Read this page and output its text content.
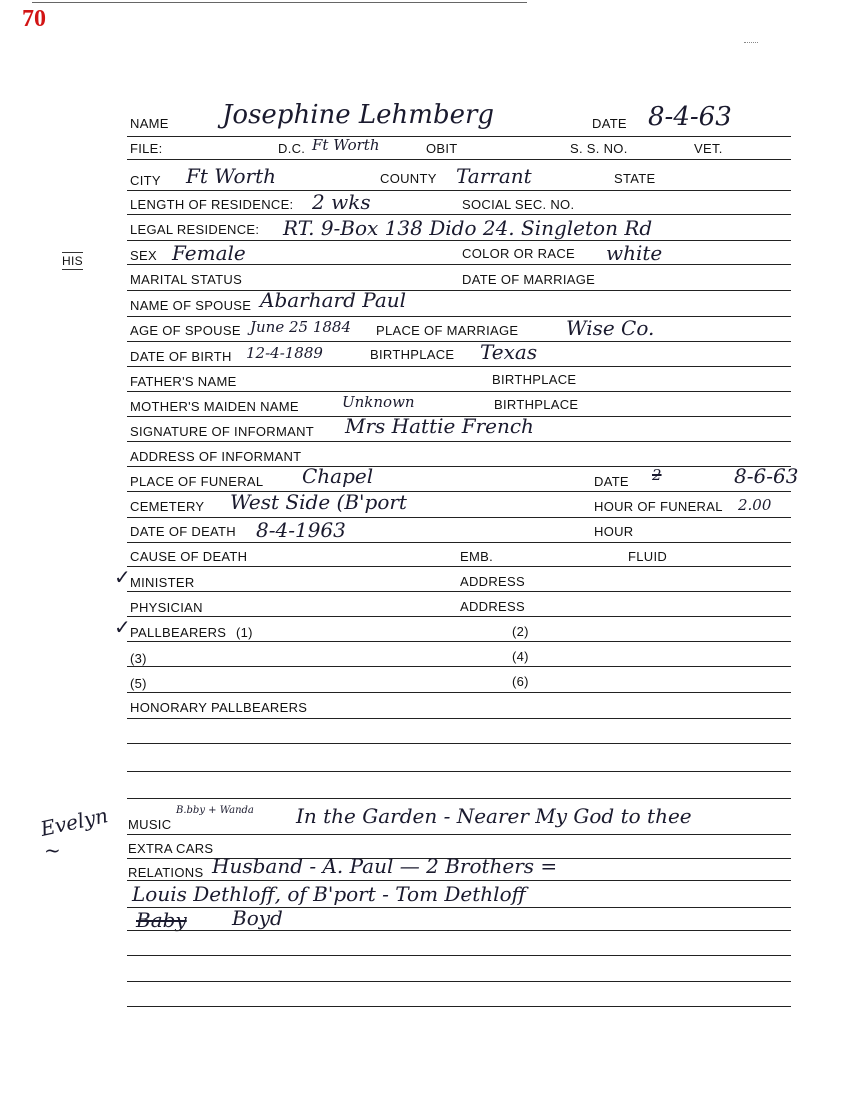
70
HIS
Evelyn
~
NAME Josephine Lehmberg	DATE 8-4-63
FILE:	D.C. Ft Worth	OBIT	S. S. NO.	VET.
CITY Ft Worth	COUNTY Tarrant	STATE
LENGTH OF RESIDENCE: 2 wks	SOCIAL SEC. NO.
LEGAL RESIDENCE: RT. 9-Box 138 Dido 24. Singleton Rd
SEX Female	COLOR OR RACE white
MARITAL STATUS	DATE OF MARRIAGE
NAME OF SPOUSE Abarhard Paul
AGE OF SPOUSE June 25 1884 PLACE OF MARRIAGE Wise Co.
DATE OF BIRTH 12-4-1889	BIRTHPLACE Texas
FATHER'S NAME	BIRTHPLACE
MOTHER'S MAIDEN NAME	Unknown	BIRTHPLACE
SIGNATURE OF INFORMANT Mrs Hattie French
ADDRESS OF INFORMANT
PLACE OF FUNERAL Chapel	DATE 2	8-6-63
CEMETERY West Side (B'port	HOUR OF FUNERAL 2.00
DATE OF DEATH 8-4-1963	HOUR
CAUSE OF DEATH	EMB.	FLUID
✓ MINISTER	ADDRESS
PHYSICIAN	ADDRESS
✓ PALLBEARERS (1)	(2)
(3)	(4)
(5)	(6)
HONORARY PALLBEARERS
MUSIC
B.bby + Wanda In the Garden - Nearer My God to thee
EXTRA CARS
RELATIONS Husband - A. Paul — 2 Brothers =
Louis Dethloff, of B'port - Tom Dethloff
Baby Boyd
